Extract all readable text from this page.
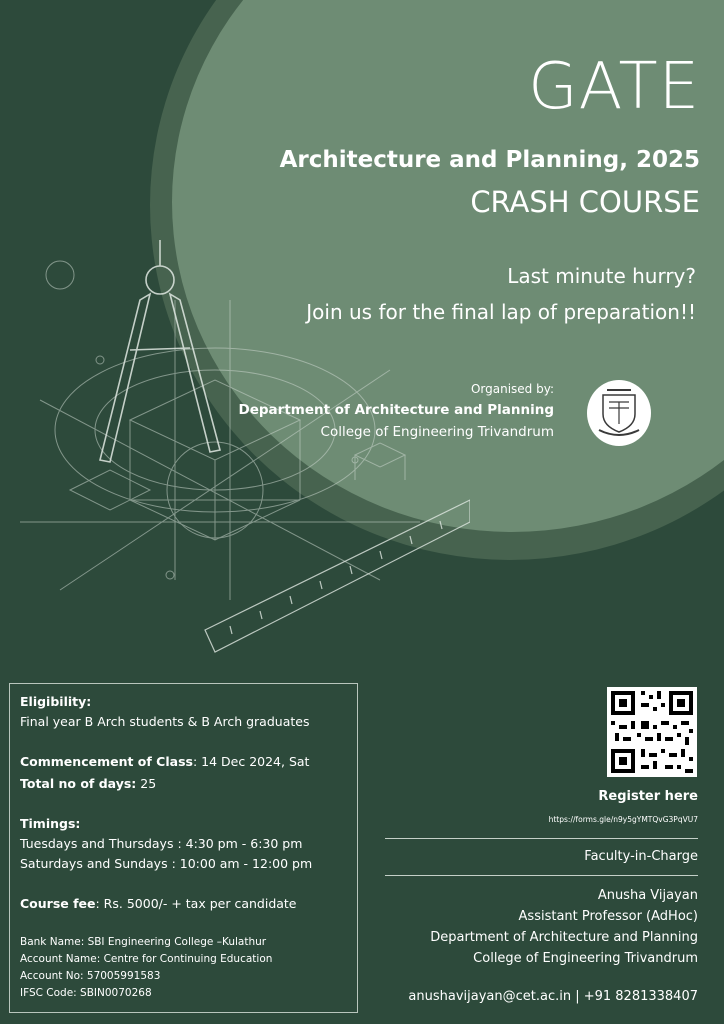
GATE
Architecture and Planning, 2025
CRASH COURSE
Last minute hurry?
Join us for the final lap of preparation!!
Organised by:
Department of Architecture and Planning
College of Engineering Trivandrum
Eligibility:
Final year B Arch students & B Arch graduates
Commencement of Class: 14 Dec 2024, Sat
Total no of days: 25
Timings:
Tuesdays and Thursdays : 4:30 pm - 6:30 pm
Saturdays and Sundays : 10:00 am - 12:00 pm
Course fee: Rs. 5000/- + tax per candidate
Bank Name: SBI Engineering College –Kulathur
Account Name: Centre for Continuing Education
Account No: 57005991583
IFSC Code: SBIN0070268
Register here
https://forms.gle/n9y5gYMTQvG3PqVU7
Faculty-in-Charge
Anusha Vijayan
Assistant Professor (AdHoc)
Department of Architecture and Planning
College of Engineering Trivandrum
anushavijayan@cet.ac.in | +91 8281338407
